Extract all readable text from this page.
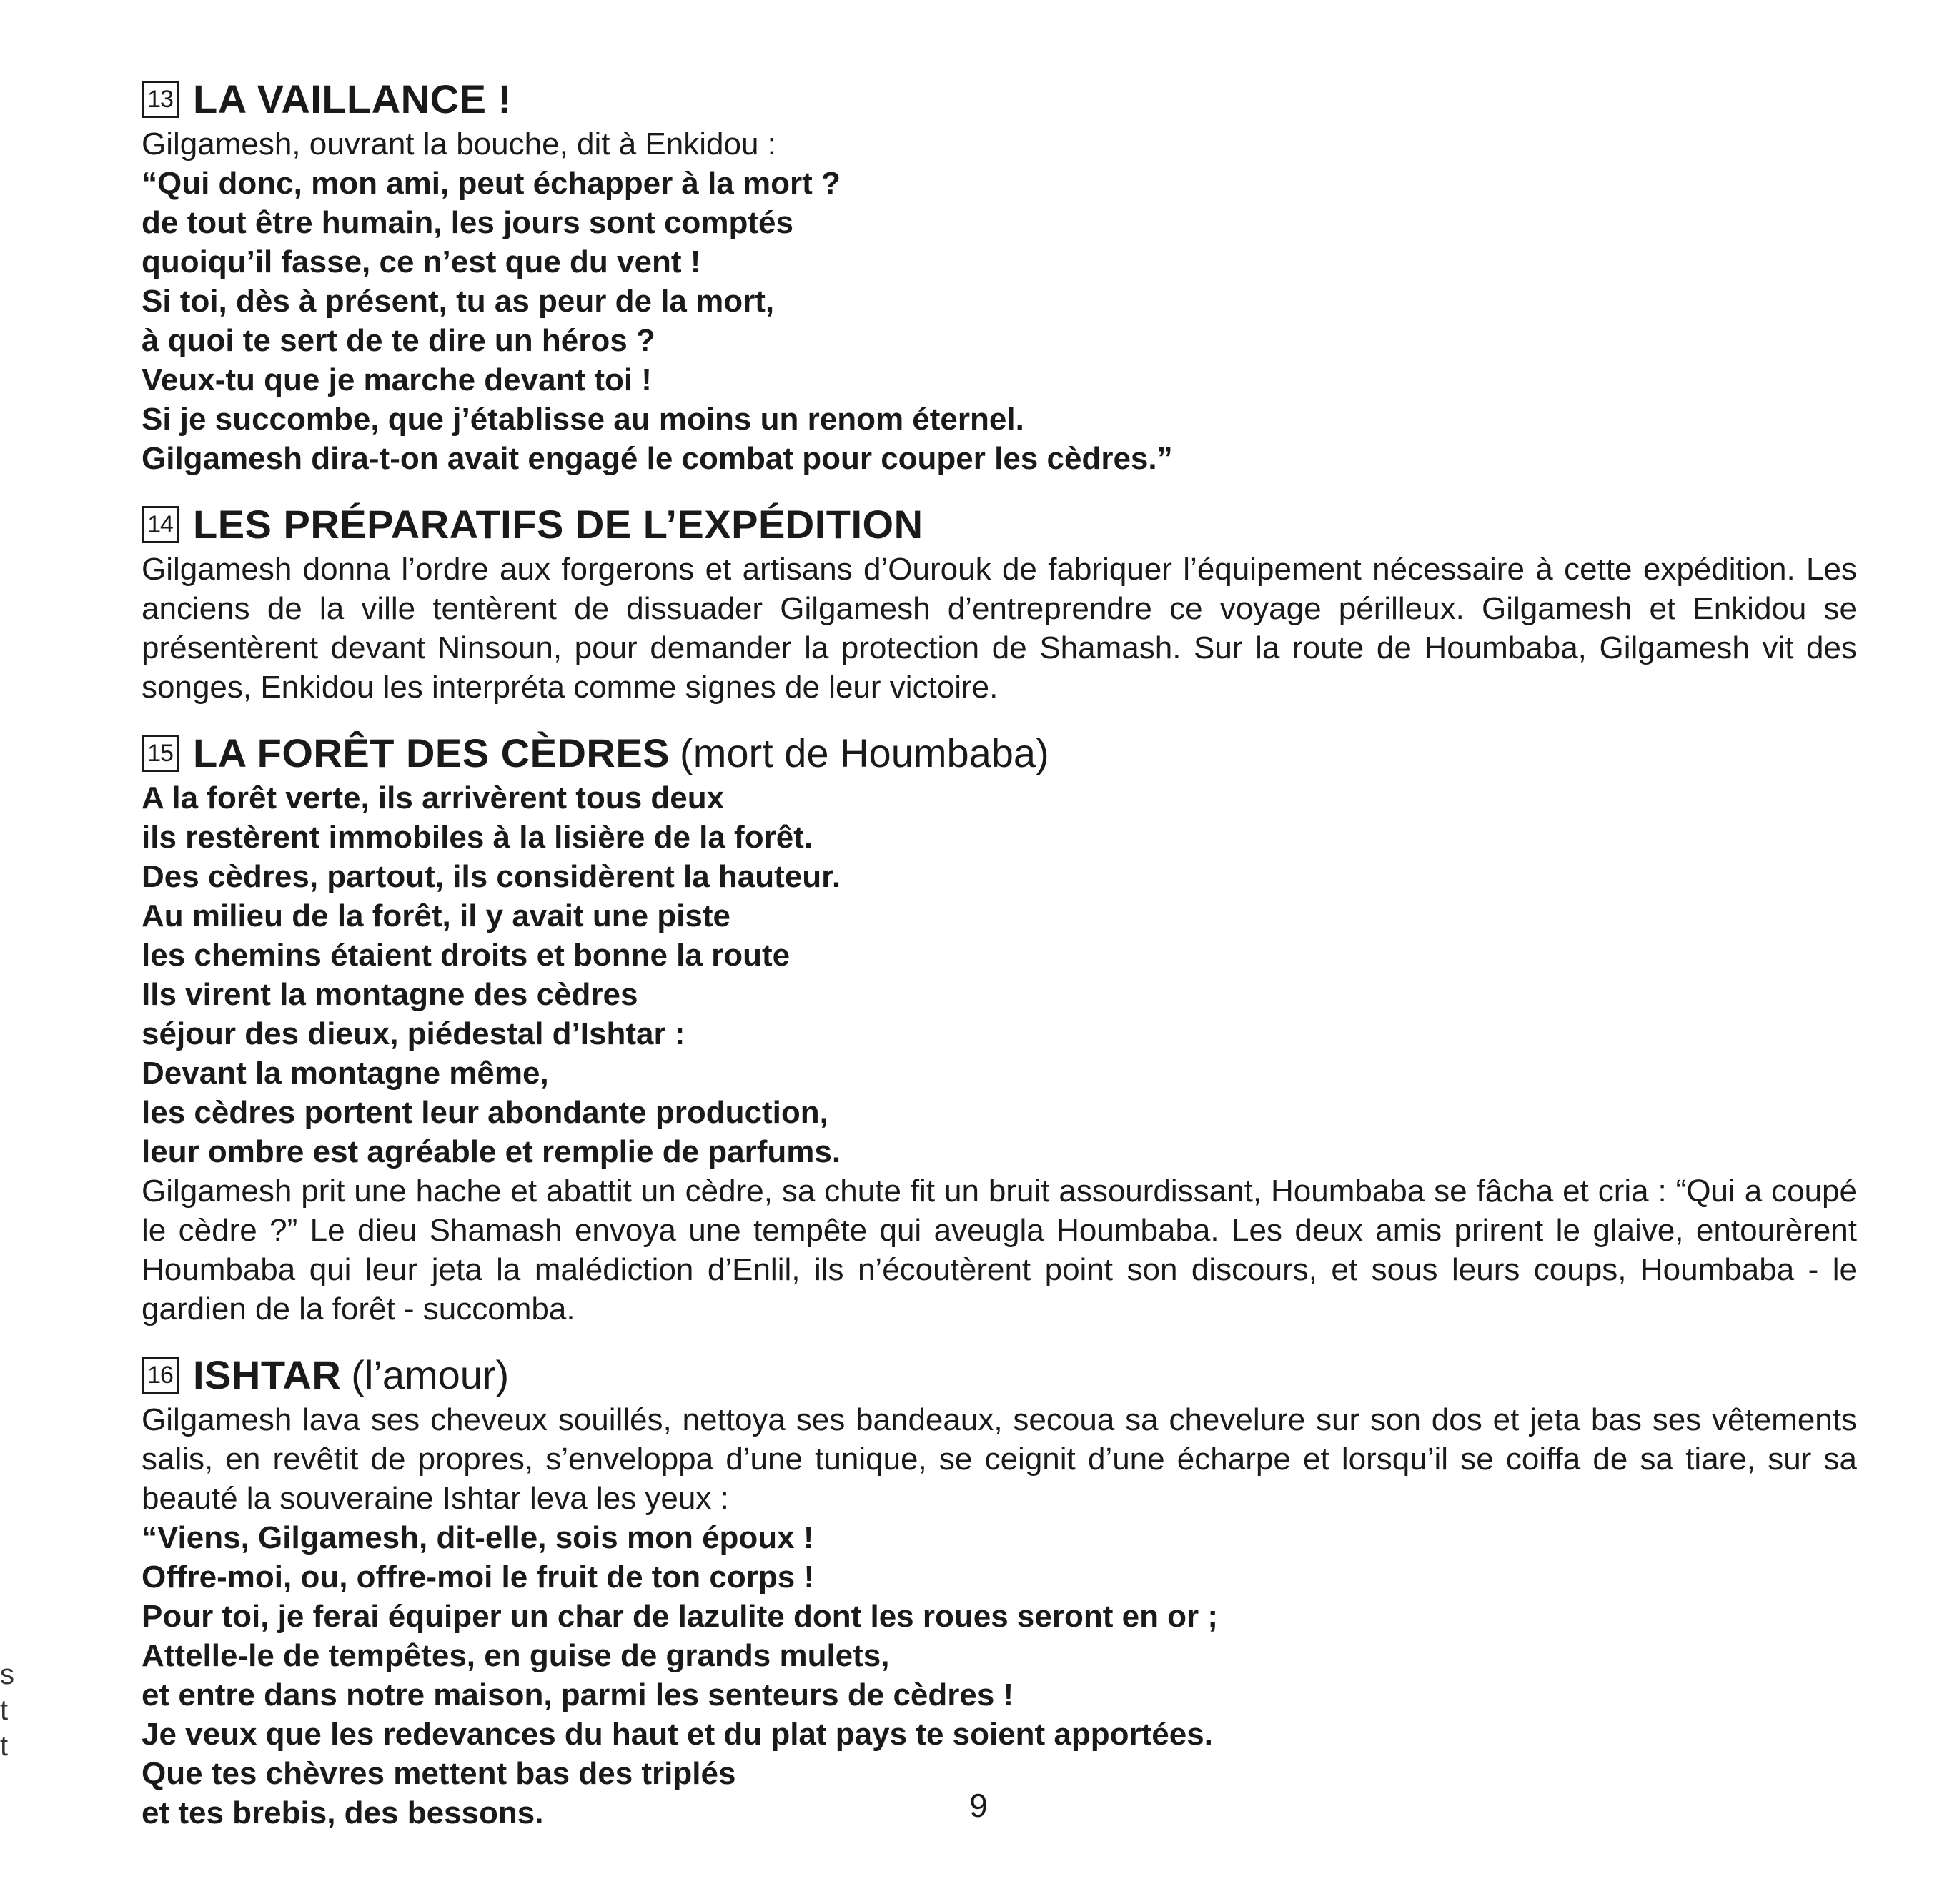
13 LA VAILLANCE !
Gilgamesh, ouvrant la bouche, dit à Enkidou :
“Qui donc, mon ami, peut échapper à la mort ?
de tout être humain, les jours sont comptés
quoiqu’il fasse, ce n’est que du vent !
Si toi, dès à présent, tu as peur de la mort,
à quoi te sert de te dire un héros ?
Veux-tu que je marche devant toi !
Si je succombe, que j’établisse au moins un renom éternel.
Gilgamesh dira-t-on avait engagé le combat pour couper les cèdres.”
14 LES PRÉPARATIFS DE L’EXPÉDITION
Gilgamesh donna l’ordre aux forgerons et artisans d’Ourouk de fabriquer l’équipement nécessaire à cette expédition. Les anciens de la ville tentèrent de dissuader Gilgamesh d’entreprendre ce voyage périlleux. Gilgamesh et Enkidou se présentèrent devant Ninsoun, pour demander la protection de Shamash. Sur la route de Houmbaba, Gilgamesh vit des songes, Enkidou les interpréta comme signes de leur victoire.
15 LA FORÊT DES CÈDRES (mort de Houmbaba)
A la forêt verte, ils arrivèrent tous deux
ils restèrent immobiles à la lisière de la forêt.
Des cèdres, partout, ils considèrent la hauteur.
Au milieu de la forêt, il y avait une piste
les chemins étaient droits et bonne la route
Ils virent la montagne des cèdres
séjour des dieux, piédestal d’Ishtar :
Devant la montagne même,
les cèdres portent leur abondante production,
leur ombre est agréable et remplie de parfums.
Gilgamesh prit une hache et abattit un cèdre, sa chute fit un bruit assourdissant, Houmbaba se fâcha et cria : “Qui a coupé le cèdre ?” Le dieu Shamash envoya une tempête qui aveugla Houmbaba. Les deux amis prirent le glaive, entourèrent Houmbaba qui leur jeta la malédiction d’Enlil, ils n’écoutèrent point son discours, et sous leurs coups, Houmbaba - le gardien de la forêt - succomba.
16 ISHTAR (l’amour)
Gilgamesh lava ses cheveux souillés, nettoya ses bandeaux, secoua sa chevelure sur son dos et jeta bas ses vêtements salis, en revêtit de propres, s’enveloppa d’une tunique, se ceignit d’une écharpe et lorsqu’il se coiffa de sa tiare, sur sa beauté la souveraine Ishtar leva les yeux :
“Viens, Gilgamesh, dit-elle, sois mon époux !
Offre-moi, ou, offre-moi le fruit de ton corps !
Pour toi, je ferai équiper un char de lazulite dont les roues seront en or ;
Attelle-le de tempêtes, en guise de grands mulets,
et entre dans notre maison, parmi les senteurs de cèdres !
Je veux que les redevances du haut et du plat pays te soient apportées.
Que tes chèvres mettent bas des triplés
et tes brebis, des bessons.	9
s
t
t
